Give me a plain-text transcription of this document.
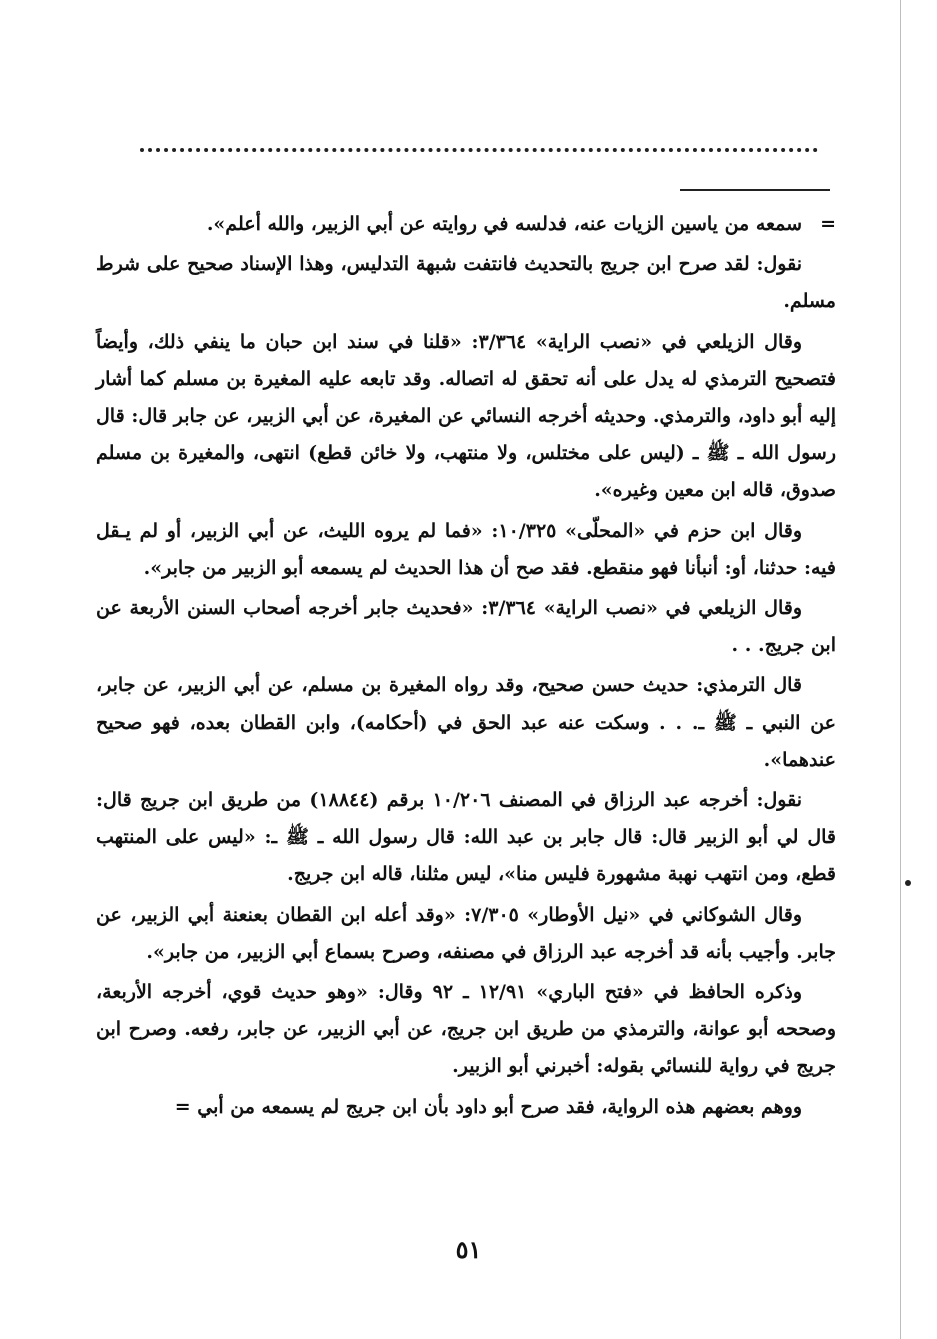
=سمعه من ياسين الزيات عنه، فدلسه في روايته عن أبي الزبير، والله أعلم».

نقول: لقد صرح ابن جريج بالتحديث فانتفت شبهة التدليس، وهذا الإسناد صحيح على شرط مسلم.

وقال الزيلعي في «نصب الراية» ٣/٣٦٤: «قلنا في سند ابن حبان ما ينفي ذلك، وأيضاً فتصحيح الترمذي له يدل على أنه تحقق له اتصاله. وقد تابعه عليه المغيرة بن مسلم كما أشار إليه أبو داود، والترمذي. وحديثه أخرجه النسائي عن المغيرة، عن أبي الزبير، عن جابر قال: قال رسول الله ـ ﷺ ـ (ليس على مختلس، ولا منتهب، ولا خائن قطع) انتهى، والمغيرة بن مسلم صدوق، قاله ابن معين وغيره».

وقال ابن حزم في «المحلّى» ١٠/٣٢٥: «فما لم يروه الليث، عن أبي الزبير، أو لم يـقل فيه: حدثنا، أو: أنبأنا فهو منقطع. فقد صح أن هذا الحديث لم يسمعه أبو الزبير من جابر».

وقال الزيلعي في «نصب الراية» ٣/٣٦٤: «فحديث جابر أخرجه أصحاب السنن الأربعة عن ابن جريج. . .

قال الترمذي: حديث حسن صحيح، وقد رواه المغيرة بن مسلم، عن أبي الزبير، عن جابر، عن النبي ـ ﷺ ـ. . . وسكت عنه عبد الحق في (أحكامه)، وابن القطان بعده، فهو صحيح عندهما».

نقول: أخرجه عبد الرزاق في المصنف ١٠/٢٠٦ برقم (١٨٨٤٤) من طريق ابن جريج قال: قال لي أبو الزبير قال: قال جابر بن عبد الله: قال رسول الله ـ ﷺ ـ: «ليس على المنتهب قطع، ومن انتهب نهبة مشهورة فليس منا»، ليس مثلنا، قاله ابن جريج.

وقال الشوكاني في «نيل الأوطار» ٧/٣٠٥: «وقد أعله ابن القطان بعنعنة أبي الزبير، عن جابر. وأجيب بأنه قد أخرجه عبد الرزاق في مصنفه، وصرح بسماع أبي الزبير، من جابر».

وذكره الحافظ في «فتح الباري» ١٢/٩١ ـ ٩٢ وقال: «وهو حديث قوي، أخرجه الأربعة، وصححه أبو عوانة، والترمذي من طريق ابن جريج، عن أبي الزبير، عن جابر، رفعه. وصرح ابن جريج في رواية للنسائي بقوله: أخبرني أبو الزبير.

ووهم بعضهم هذه الرواية، فقد صرح أبو داود بأن ابن جريج لم يسمعه من أبي =

٥١
